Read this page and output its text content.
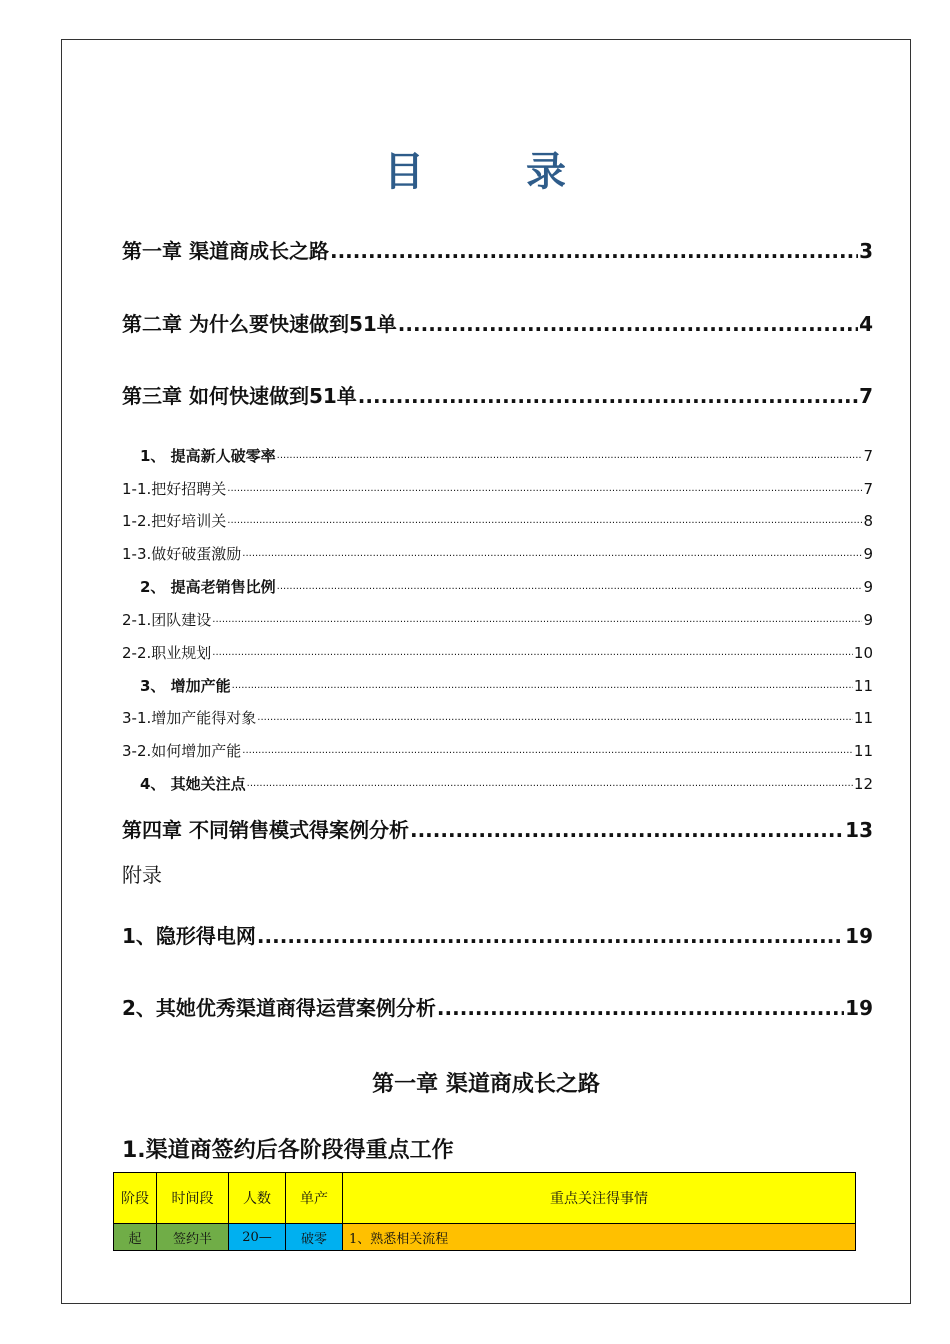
目 录
第一章 渠道商成长之路 .....	3
第二章 为什么要快速做到51单 .....	4
第三章 如何快速做到51单 .....	7
1、 提高新人破零率 .....	7
1-1.把好招聘关 .....	7
1-2.把好培训关 .....	8
1-3.做好破蛋激励 .....	9
2、 提高老销售比例 .....	9
2-1.团队建设 .....	9
2-2.职业规划 .....	10
3、 增加产能 .....	11
3-1.增加产能得对象 .....	11
3-2.如何增加产能 .....	11
4、 其她关注点 .....	12
第四章 不同销售模式得案例分析 .....	13
附录
1、隐形得电网 .....	19
2、其她优秀渠道商得运营案例分析 .....	19
第一章 渠道商成长之路
1.渠道商签约后各阶段得重点工作
阶段	时间段	人数	单产	重点关注得事情
起	签约半	20—	破零	1、熟悉相关流程
